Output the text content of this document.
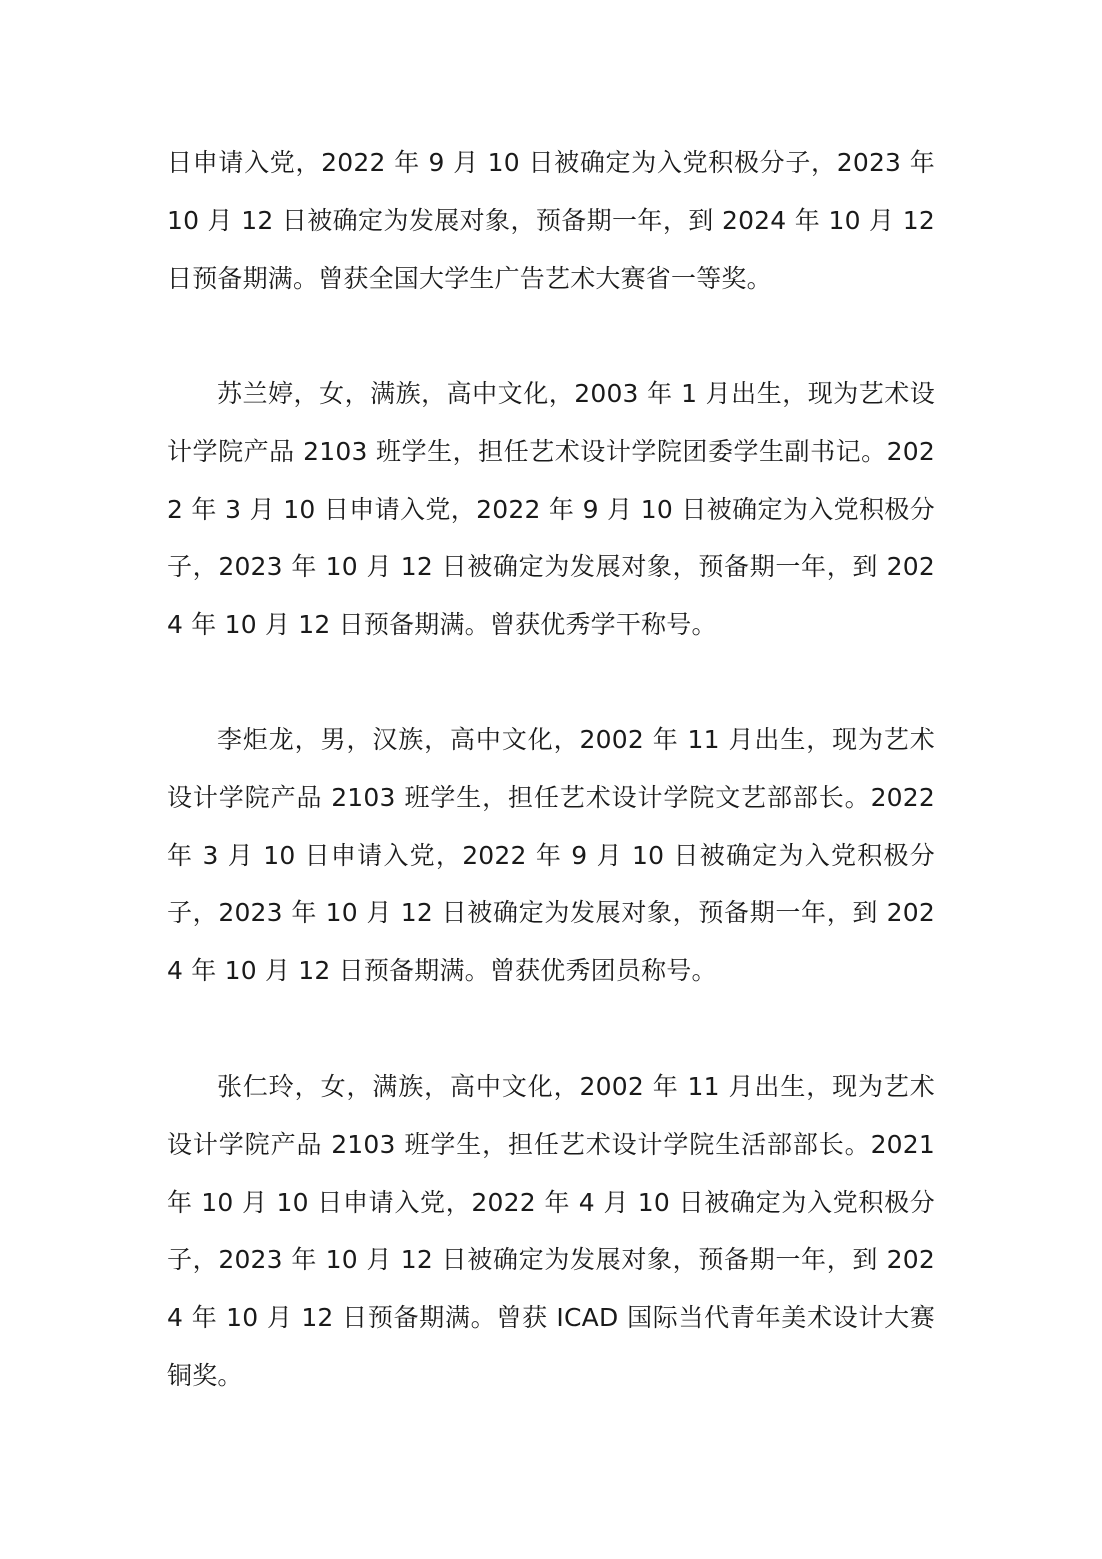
日申请入党，2022 年 9 月 10 日被确定为入党积极分子，2023 年 10 月 12 日被确定为发展对象，预备期一年，到 2024 年 10 月 12 日预备期满。曾获全国大学生广告艺术大赛省一等奖。

苏兰婷，女，满族，高中文化，2003 年 1 月出生，现为艺术设计学院产品 2103 班学生，担任艺术设计学院团委学生副书记。2022 年 3 月 10 日申请入党，2022 年 9 月 10 日被确定为入党积极分子，2023 年 10 月 12 日被确定为发展对象，预备期一年，到 2024 年 10 月 12 日预备期满。曾获优秀学干称号。

李炬龙，男，汉族，高中文化，2002 年 11 月出生，现为艺术设计学院产品 2103 班学生，担任艺术设计学院文艺部部长。2022 年 3 月 10 日申请入党，2022 年 9 月 10 日被确定为入党积极分子，2023 年 10 月 12 日被确定为发展对象，预备期一年，到 2024 年 10 月 12 日预备期满。曾获优秀团员称号。

张仁玲，女，满族，高中文化，2002 年 11 月出生，现为艺术设计学院产品 2103 班学生，担任艺术设计学院生活部部长。2021 年 10 月 10 日申请入党，2022 年 4 月 10 日被确定为入党积极分子，2023 年 10 月 12 日被确定为发展对象，预备期一年，到 2024 年 10 月 12 日预备期满。曾获 ICAD 国际当代青年美术设计大赛铜奖。
